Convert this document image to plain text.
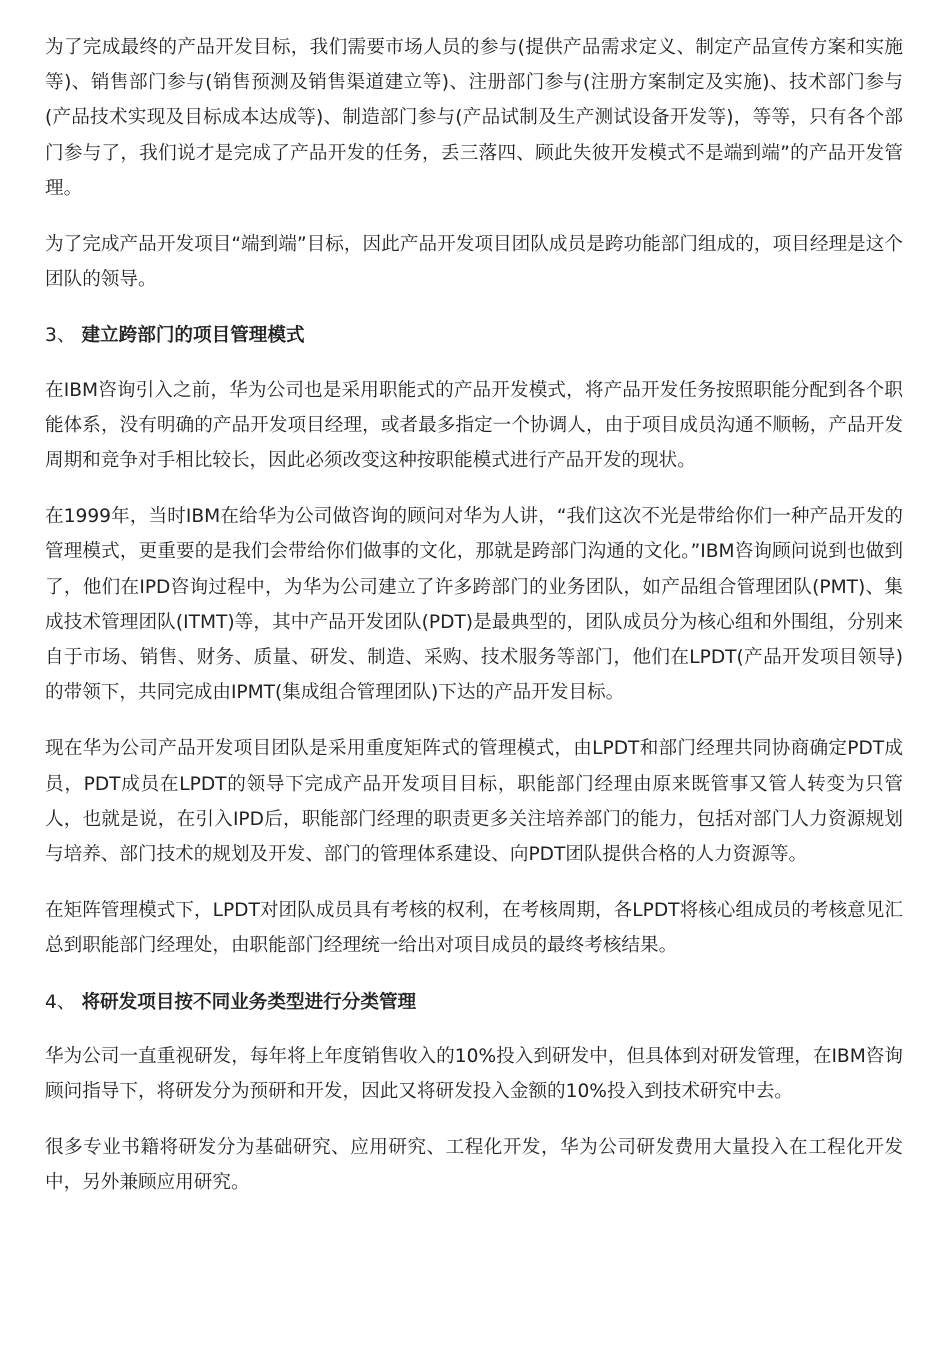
为了完成最终的产品开发目标，我们需要市场人员的参与(提供产品需求定义、制定产品宣传方案和实施等)、销售部门参与(销售预测及销售渠道建立等)、注册部门参与(注册方案制定及实施)、技术部门参与(产品技术实现及目标成本达成等)、制造部门参与(产品试制及生产测试设备开发等)，等等，只有各个部门参与了，我们说才是完成了产品开发的任务，丢三落四、顾此失彼开发模式不是端到端”的产品开发管理。

为了完成产品开发项目“端到端”目标，因此产品开发项目团队成员是跨功能部门组成的，项目经理是这个团队的领导。

3、 建立跨部门的项目管理模式

在IBM咨询引入之前，华为公司也是采用职能式的产品开发模式，将产品开发任务按照职能分配到各个职能体系，没有明确的产品开发项目经理，或者最多指定一个协调人，由于项目成员沟通不顺畅，产品开发周期和竞争对手相比较长，因此必须改变这种按职能模式进行产品开发的现状。

在1999年，当时IBM在给华为公司做咨询的顾问对华为人讲，“我们这次不光是带给你们一种产品开发的管理模式，更重要的是我们会带给你们做事的文化，那就是跨部门沟通的文化。”IBM咨询顾问说到也做到了，他们在IPD咨询过程中，为华为公司建立了许多跨部门的业务团队，如产品组合管理团队(PMT)、集成技术管理团队(ITMT)等，其中产品开发团队(PDT)是最典型的，团队成员分为核心组和外围组，分别来自于市场、销售、财务、质量、研发、制造、采购、技术服务等部门，他们在LPDT(产品开发项目领导)的带领下，共同完成由IPMT(集成组合管理团队)下达的产品开发目标。

现在华为公司产品开发项目团队是采用重度矩阵式的管理模式，由LPDT和部门经理共同协商确定PDT成员，PDT成员在LPDT的领导下完成产品开发项目目标，职能部门经理由原来既管事又管人转变为只管人，也就是说，在引入IPD后，职能部门经理的职责更多关注培养部门的能力，包括对部门人力资源规划与培养、部门技术的规划及开发、部门的管理体系建设、向PDT团队提供合格的人力资源等。

在矩阵管理模式下，LPDT对团队成员具有考核的权利，在考核周期，各LPDT将核心组成员的考核意见汇总到职能部门经理处，由职能部门经理统一给出对项目成员的最终考核结果。

4、 将研发项目按不同业务类型进行分类管理

华为公司一直重视研发，每年将上年度销售收入的10%投入到研发中，但具体到对研发管理，在IBM咨询顾问指导下，将研发分为预研和开发，因此又将研发投入金额的10%投入到技术研究中去。

很多专业书籍将研发分为基础研究、应用研究、工程化开发，华为公司研发费用大量投入在工程化开发中，另外兼顾应用研究。
